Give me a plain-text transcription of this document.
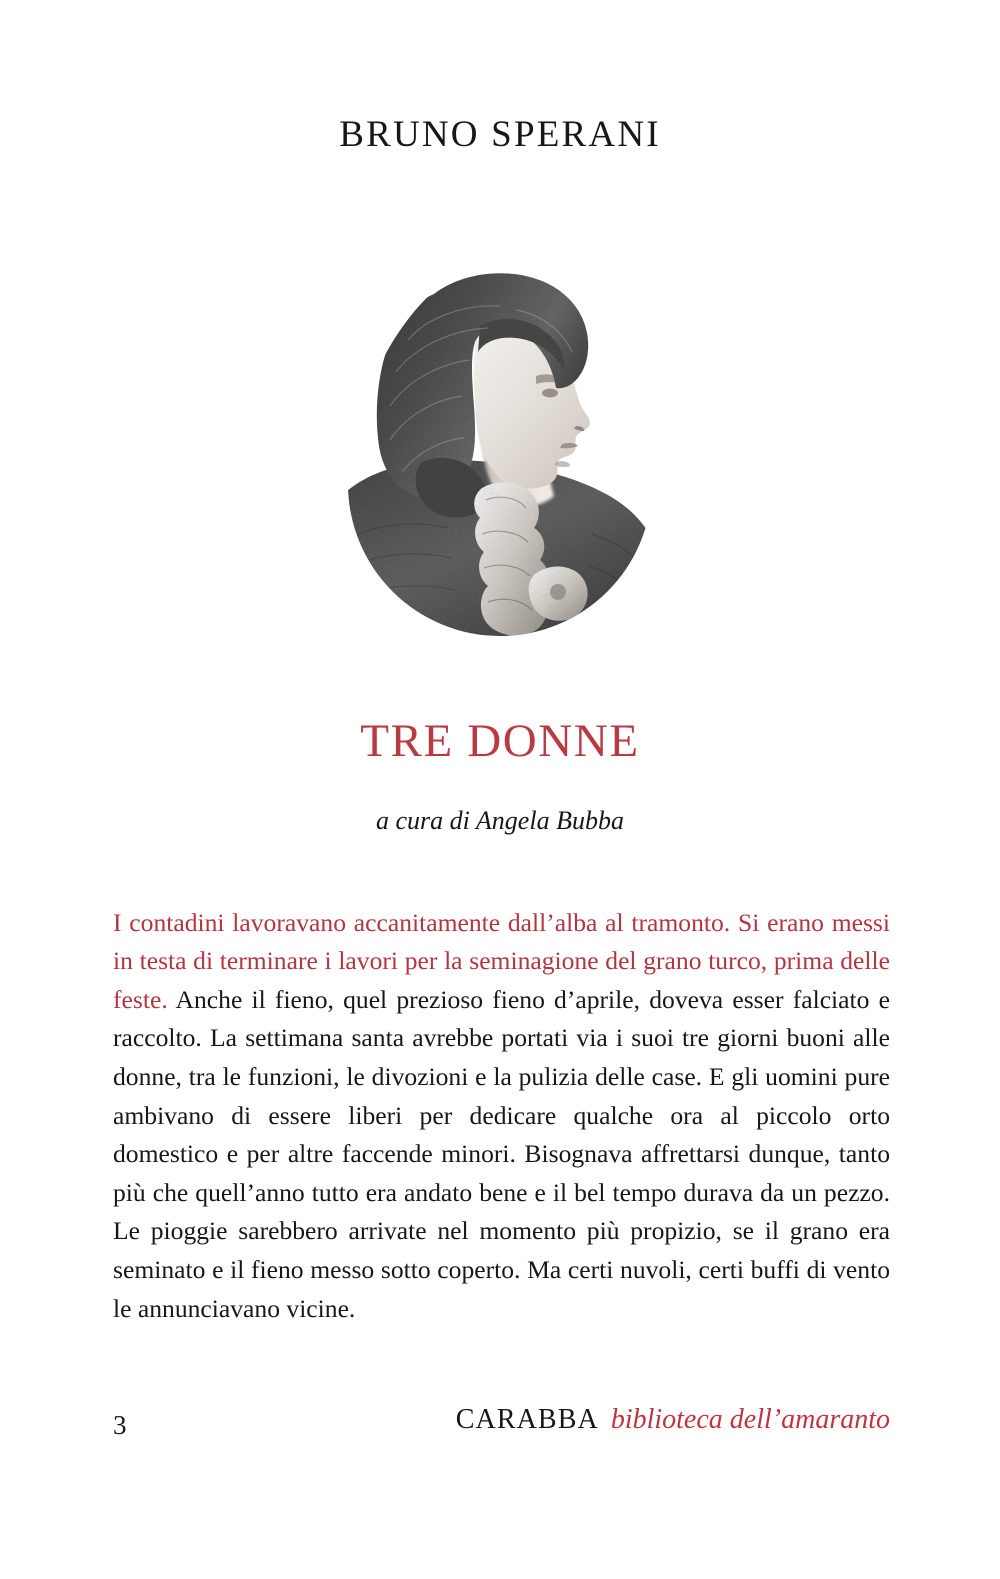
BRUNO SPERANI
TRE DONNE
a cura di Angela Bubba

I contadini lavoravano accanitamente dall’alba al tramonto. Si erano messi in testa di terminare i lavori per la seminagione del grano turco, prima delle feste. Anche il fieno, quel prezioso fieno d’aprile, doveva esser falciato e raccolto. La settimana santa avrebbe portati via i suoi tre giorni buoni alle donne, tra le funzioni, le divozioni e la pulizia delle case. E gli uomini pure ambivano di essere liberi per dedicare qualche ora al piccolo orto domestico e per altre faccende minori. Bisognava affrettarsi dunque, tanto più che quell’anno tutto era andato bene e il bel tempo durava da un pezzo. Le pioggie sarebbero arrivate nel momento più propizio, se il grano era seminato e il fieno messo sotto coperto. Ma certi nuvoli, certi buffi di vento le annunciavano vicine.

3	CARABBA biblioteca dell’amaranto
